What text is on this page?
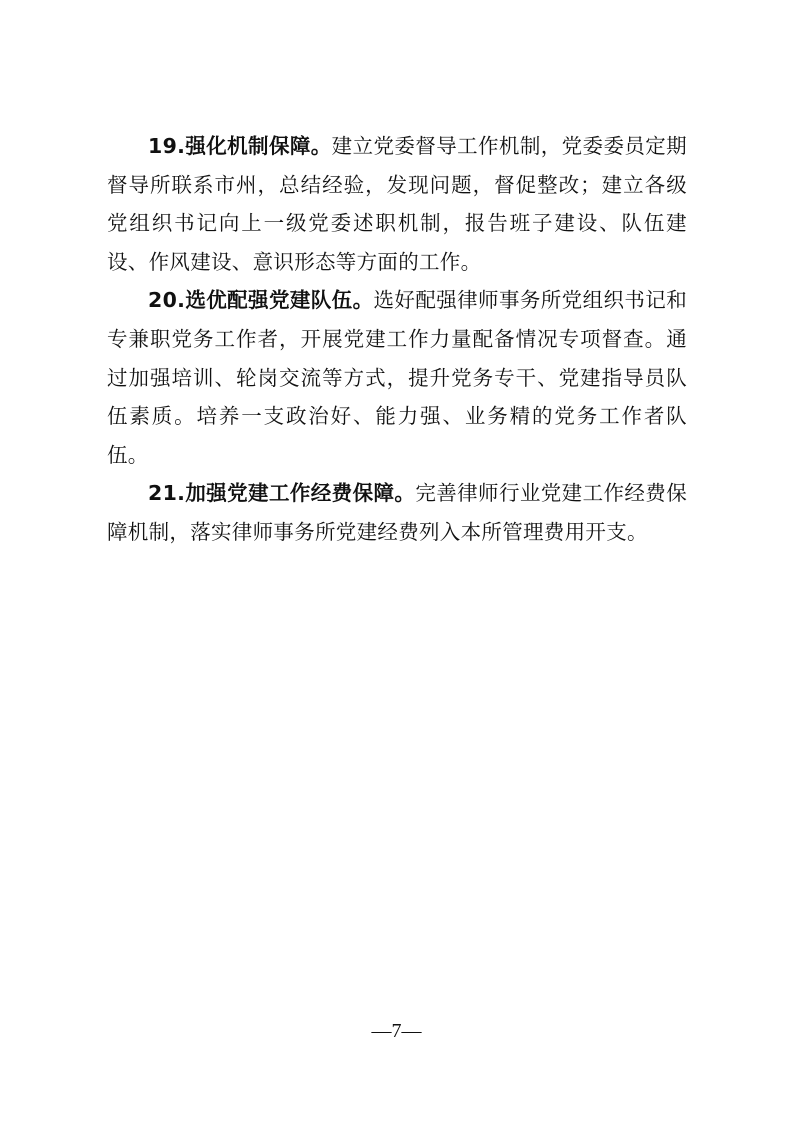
19.强化机制保障。建立党委督导工作机制，党委委员定期督导所联系市州，总结经验，发现问题，督促整改；建立各级党组织书记向上一级党委述职机制，报告班子建设、队伍建设、作风建设、意识形态等方面的工作。

20.选优配强党建队伍。选好配强律师事务所党组织书记和专兼职党务工作者，开展党建工作力量配备情况专项督查。通过加强培训、轮岗交流等方式，提升党务专干、党建指导员队伍素质。培养一支政治好、能力强、业务精的党务工作者队伍。

21.加强党建工作经费保障。完善律师行业党建工作经费保障机制，落实律师事务所党建经费列入本所管理费用开支。

—7—
